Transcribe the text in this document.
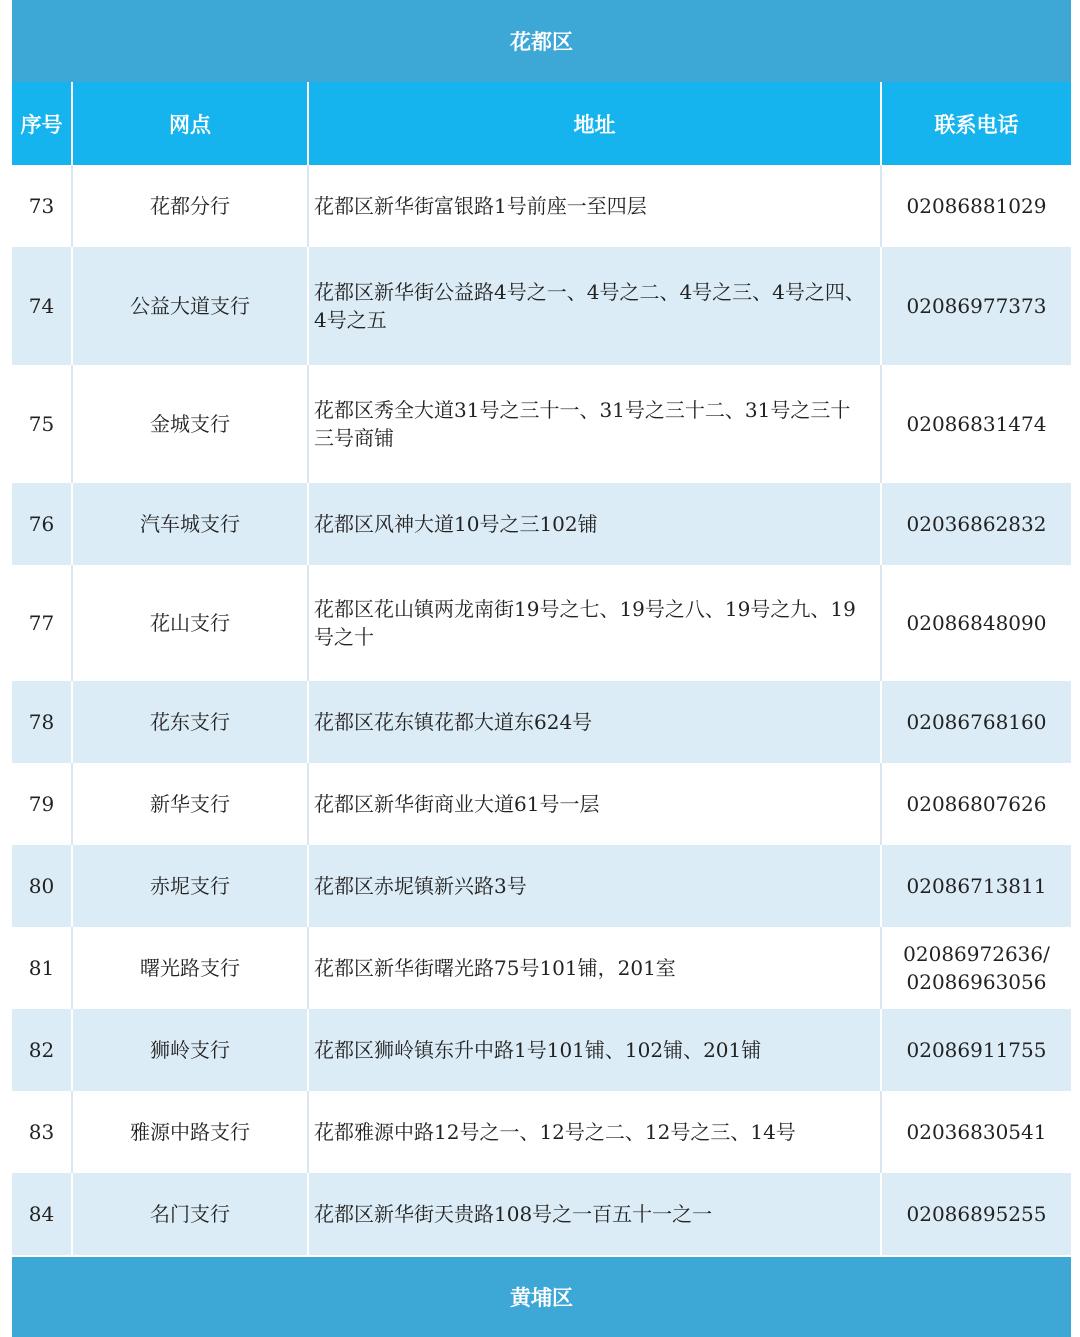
花都区
序号	网点	地址	联系电话
73	花都分行	花都区新华街富银路1号前座一至四层	02086881029

74	公益大道支行	花都区新华街公益路4号之一、4号之二、4号之三、4号之四、4号之五	02086977373

75	金城支行	花都区秀全大道31号之三十一、31号之三十二、31号之三十三号商铺	02086831474

76	汽车城支行	花都区风神大道10号之三102铺	02036862832

77	花山支行	花都区花山镇两龙南街19号之七、19号之八、19号之九、19号之十	02086848090

78	花东支行	花都区花东镇花都大道东624号	02086768160

79	新华支行	花都区新华街商业大道61号一层	02086807626

80	赤坭支行	花都区赤坭镇新兴路3号	02086713811

81	曙光路支行	花都区新华街曙光路75号101铺，201室	02086972636/
02086963056

82	狮岭支行	花都区狮岭镇东升中路1号101铺、102铺、201铺	02086911755

83	雅源中路支行	花都雅源中路12号之一、12号之二、12号之三、14号	02036830541

84	名门支行	花都区新华街天贵路108号之一百五十一之一	02086895255
黄埔区
